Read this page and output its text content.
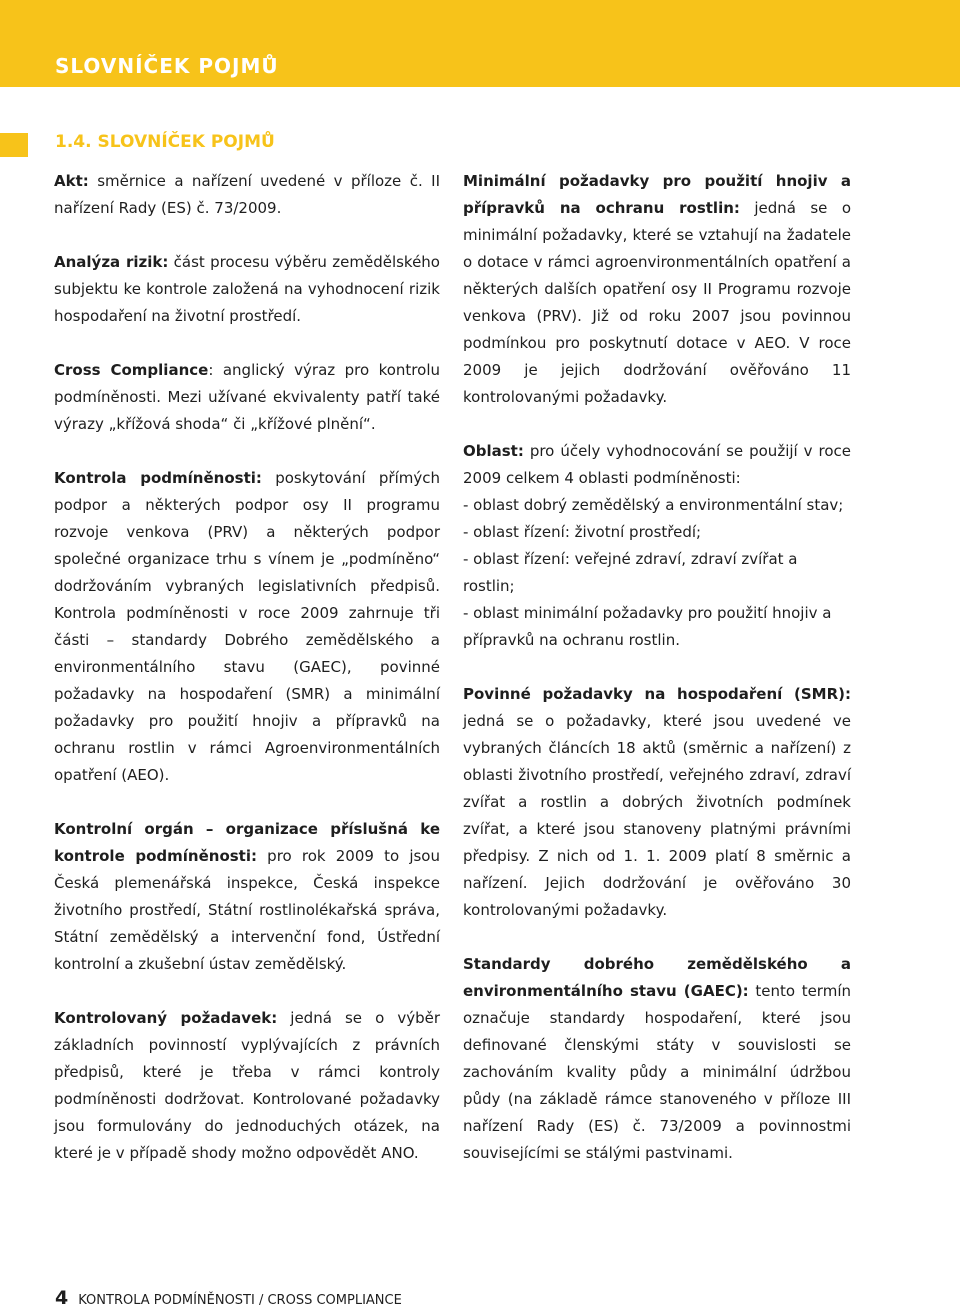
SLOVNÍČEK POJMŮ
1.4. SLOVNÍČEK POJMŮ

Akt: směrnice a nařízení uvedené v příloze č. II nařízení Rady (ES) č. 73/2009.

Analýza rizik: část procesu výběru zemědělského subjektu ke kontrole založená na vyhodnocení rizik hospodaření na životní prostředí.

Cross Compliance: anglický výraz pro kontrolu podmíněnosti. Mezi užívané ekvivalenty patří také výrazy „křížová shoda“ či „křížové plnění“.

Kontrola podmíněnosti: poskytování přímých podpor a některých podpor osy II programu rozvoje venkova (PRV) a některých podpor společné organizace trhu s vínem je „podmíněno“ dodržováním vybraných legislativních předpisů. Kontrola podmíněnosti v roce 2009 zahrnuje tři části – standardy Dobrého zemědělského a environmentálního stavu (GAEC), povinné požadavky na hospodaření (SMR) a minimální požadavky pro použití hnojiv a přípravků na ochranu rostlin v rámci Agroenvironmentálních opatření (AEO).

Kontrolní orgán – organizace příslušná ke kontrole podmíněnosti: pro rok 2009 to jsou Česká plemenářská inspekce, Česká inspekce životního prostředí, Státní rostlinolékařská správa, Státní zemědělský a intervenční fond, Ústřední kontrolní a zkušební ústav zemědělský.

Kontrolovaný požadavek: jedná se o výběr základních povinností vyplývajících z právních předpisů, které je třeba v rámci kontroly podmíněnosti dodržovat. Kontrolované požadavky jsou formulovány do jednoduchých otázek, na které je v případě shody možno odpovědět ANO.

Minimální požadavky pro použití hnojiv a přípravků na ochranu rostlin: jedná se o minimální požadavky, které se vztahují na žadatele o dotace v rámci agroenvironmentálních opatření a některých dalších opatření osy II Programu rozvoje venkova (PRV). Již od roku 2007 jsou povinnou podmínkou pro poskytnutí dotace v AEO. V roce 2009 je jejich dodržování ověřováno 11 kontrolovanými požadavky.

Oblast: pro účely vyhodnocování se použijí v roce 2009 celkem 4 oblasti podmíněnosti:

- oblast dobrý zemědělský a environmentální stav;
- oblast řízení: životní prostředí;
- oblast řízení: veřejné zdraví, zdraví zvířat a rostlin;
- oblast minimální požadavky pro použití hnojiv a přípravků na ochranu rostlin.

Povinné požadavky na hospodaření (SMR): jedná se o požadavky, které jsou uvedené ve vybraných článcích 18 aktů (směrnic a nařízení) z oblasti životního prostředí, veřejného zdraví, zdraví zvířat a rostlin a dobrých životních podmínek zvířat, a které jsou stanoveny platnými právními předpisy. Z nich od 1. 1. 2009 platí 8 směrnic a nařízení. Jejich dodržování je ověřováno 30 kontrolovanými požadavky.

Standardy dobrého zemědělského a environmentálního stavu (GAEC): tento termín označuje standardy hospodaření, které jsou definované členskými státy v souvislosti se zachováním kvality půdy a minimální údržbou půdy (na základě rámce stanoveného v příloze III nařízení Rady (ES) č. 73/2009 a povinnostmi souvisejícími se stálými pastvinami.

4 KONTROLA PODMÍNĚNOSTI / CROSS COMPLIANCE
